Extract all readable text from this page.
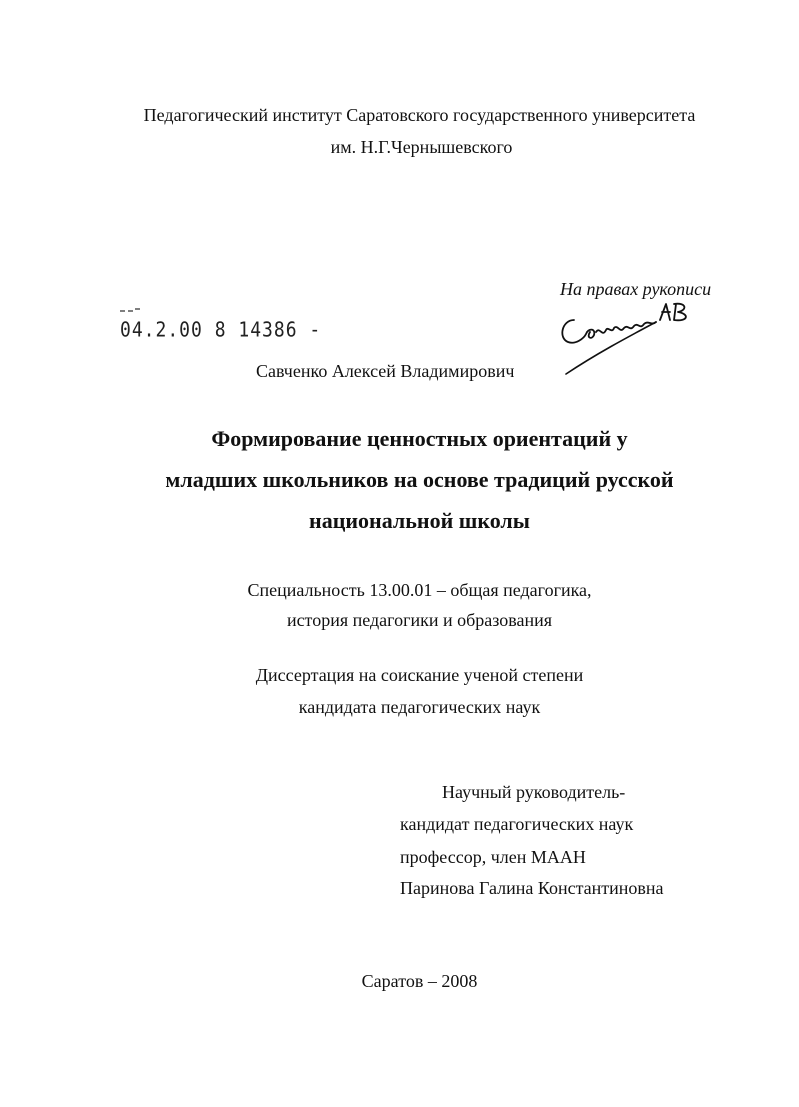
Педагогический институт Саратовского государственного университета
им. Н.Г.Чернышевского
На правах рукописи
04.2.00 8 14386 -
Савченко Алексей Владимирович
Формирование ценностных ориентаций у
младших школьников на основе традиций русской
национальной школы
Специальность 13.00.01 – общая педагогика,
история педагогики и образования
Диссертация на соискание ученой степени
кандидата педагогических наук
Научный руководитель-
кандидат педагогических наук
профессор, член МААН
Паринова Галина Константиновна
Саратов – 2008
